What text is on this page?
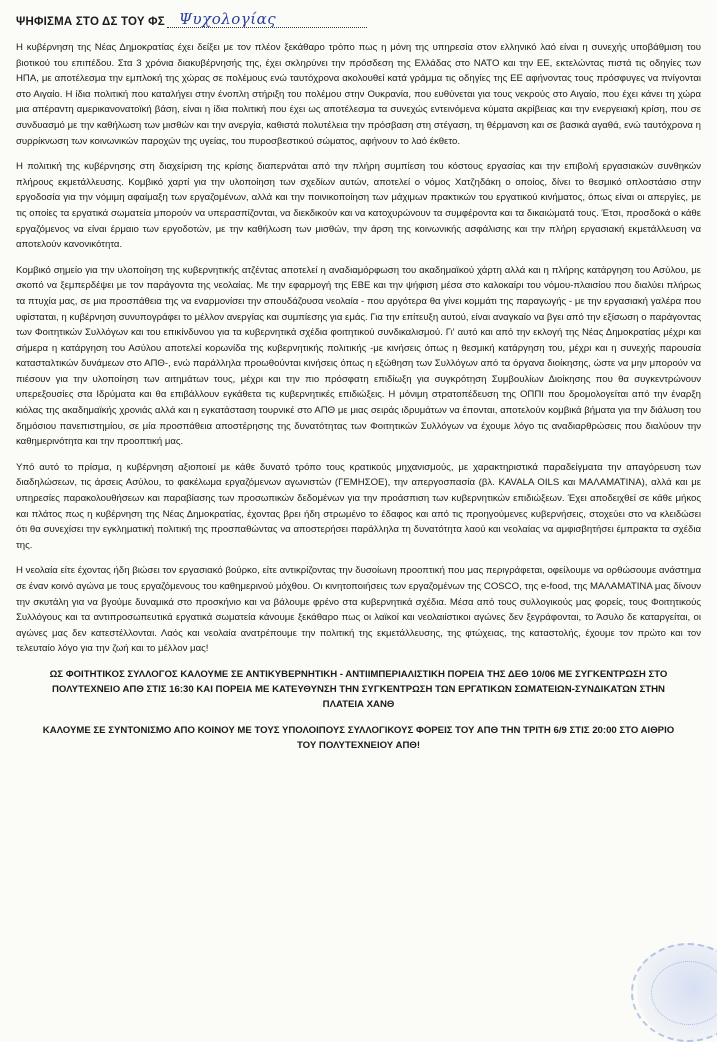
ΨΗΦΙΣΜΑ ΣΤΟ ΔΣ ΤΟΥ ΦΣ Ψυχολογίας

Η κυβέρνηση της Νέας Δημοκρατίας έχει δείξει με τον πλέον ξεκάθαρο τρόπο πως η μόνη της υπηρεσία στον ελληνικό λαό είναι η συνεχής υποβάθμιση του βιοτικού του επιπέδου. Στα 3 χρόνια διακυβέρνησής της, έχει σκληρύνει την πρόσδεση της Ελλάδας στο ΝΑΤΟ και την ΕΕ, εκτελώντας πιστά τις οδηγίες των ΗΠΑ, με αποτέλεσμα την εμπλοκή της χώρας σε πολέμους ενώ ταυτόχρονα ακολουθεί κατά γράμμα τις οδηγίες της ΕΕ αφήνοντας τους πρόσφυγες να πνίγονται στο Αιγαίο. Η ίδια πολιτική που καταλήγει στην ένοπλη στήριξη του πολέμου στην Ουκρανία, που ευθύνεται για τους νεκρούς στο Αιγαίο, που έχει κάνει τη χώρα μια απέραντη αμερικανονατοϊκή βάση, είναι η ίδια πολιτική που έχει ως αποτέλεσμα τα συνεχώς εντεινόμενα κύματα ακρίβειας και την ενεργειακή κρίση, που σε συνδυασμό με την καθήλωση των μισθών και την ανεργία, καθιστά πολυτέλεια την πρόσβαση στη στέγαση, τη θέρμανση και σε βασικά αγαθά, ενώ ταυτόχρονα η συρρίκνωση των κοινωνικών παροχών της υγείας, του πυροσβεστικού σώματος, αφήνουν το λαό έκθετο.

Η πολιτική της κυβέρνησης στη διαχείριση της κρίσης διαπερνάται από την πλήρη συμπίεση του κόστους εργασίας και την επιβολή εργασιακών συνθηκών πλήρους εκμετάλλευσης. Κομβικό χαρτί για την υλοποίηση των σχεδίων αυτών, αποτελεί ο νόμος Χατζηδάκη ο οποίος, δίνει το θεσμικό οπλοστάσιο στην εργοδοσία για την νόμιμη αφαίμαξη των εργαζομένων, αλλά και την ποινικοποίηση των μάχιμων πρακτικών του εργατικού κινήματος, όπως είναι οι απεργίες, με τις οποίες τα εργατικά σωματεία μπορούν να υπερασπίζονται, να διεκδικούν και να κατοχυρώνουν τα συμφέροντα και τα δικαιώματά τους. Έτσι, προσδοκά ο κάθε εργαζόμενος να είναι έρμαιο των εργοδοτών, με την καθήλωση των μισθών, την άρση της κοινωνικής ασφάλισης και την πλήρη εργασιακή εκμετάλλευση να αποτελούν κανονικότητα.

Κομβικό σημείο για την υλοποίηση της κυβερνητικής ατζέντας αποτελεί η αναδιαμόρφωση του ακαδημαϊκού χάρτη αλλά και η πλήρης κατάργηση του Ασύλου, με σκοπό να ξεμπερδέψει με τον παράγοντα της νεολαίας. Με την εφαρμογή της ΕΒΕ και την ψήφιση μέσα στο καλοκαίρι του νόμου-πλαισίου που διαλύει πλήρως τα πτυχία μας, σε μια προσπάθεια της να εναρμονίσει την σπουδάζουσα νεολαία - που αργότερα θα γίνει κομμάτι της παραγωγής - με την εργασιακή γαλέρα που υφίσταται, η κυβέρνηση συνυπογράφει το μέλλον ανεργίας και συμπίεσης για εμάς. Για την επίτευξη αυτού, είναι αναγκαίο να βγει από την εξίσωση ο παράγοντας των Φοιτητικών Συλλόγων και του επικίνδυνου για τα κυβερνητικά σχέδια φοιτητικού συνδικαλισμού. Γι' αυτό και από την εκλογή της Νέας Δημοκρατίας μέχρι και σήμερα η κατάργηση του Ασύλου αποτελεί κορωνίδα της κυβερνητικής πολιτικής -με κινήσεις όπως η θεσμική κατάργηση του, μέχρι και η συνεχής παρουσία κατασταλτικών δυνάμεων στο ΑΠΘ-, ενώ παράλληλα προωθούνται κινήσεις όπως η εξώθηση των Συλλόγων από τα όργανα διοίκησης, ώστε να μην μπορούν να πιέσουν για την υλοποίηση των αιτημάτων τους, μέχρι και την πιο πρόσφατη επιδίωξη για συγκρότηση Συμβουλίων Διοίκησης που θα συγκεντρώνουν υπερεξουσίες στα Ιδρύματα και θα επιβάλλουν εγκάθετα τις κυβερνητικές επιδιώξεις. Η μόνιμη στρατοπέδευση της ΟΠΠΙ που δρομολογείται από την έναρξη κιόλας της ακαδημαϊκής χρονιάς αλλά και η εγκατάσταση τουρνικέ στο ΑΠΘ με μιας σειράς ιδρυμάτων να έπονται, αποτελούν κομβικά βήματα για την διάλυση του δημόσιου πανεπιστημίου, σε μία προσπάθεια αποστέρησης της δυνατότητας των Φοιτητικών Συλλόγων να έχουμε λόγο τις αναδιαρθρώσεις που διαλύουν την καθημερινότητα και την προοπτική μας.

Υπό αυτό το πρίσμα, η κυβέρνηση αξιοποιεί με κάθε δυνατό τρόπο τους κρατικούς μηχανισμούς, με χαρακτηριστικά παραδείγματα την απαγόρευση των διαδηλώσεων, τις άρσεις Ασύλου, το φακέλωμα εργαζόμενων αγωνιστών (ΓΕΜΗΣΟΕ), την απεργοσπασία (βλ. KAVALA OILS και ΜΑΛΑΜΑΤΙΝΑ), αλλά και με υπηρεσίες παρακολουθήσεων και παραβίασης των προσωπικών δεδομένων για την προάσπιση των κυβερνητικών επιδιώξεων. Έχει αποδειχθεί σε κάθε μήκος και πλάτος πως η κυβέρνηση της Νέας Δημοκρατίας, έχοντας βρει ήδη στρωμένο το έδαφος και από τις προηγούμενες κυβερνήσεις, στοχεύει στο να κλειδώσει ότι θα συνεχίσει την εγκληματική πολιτική της προσπαθώντας να αποστερήσει παράλληλα τη δυνατότητα λαού και νεολαίας να αμφισβητήσει έμπρακτα τα σχέδια της.

Η νεολαία είτε έχοντας ήδη βιώσει τον εργασιακό βούρκο, είτε αντικρίζοντας την δυσοίωνη προοπτική που μας περιγράφεται, οφείλουμε να ορθώσουμε ανάστημα σε έναν κοινό αγώνα με τους εργαζόμενους του καθημερινού μόχθου. Οι κινητοποιήσεις των εργαζομένων της COSCO, της e-food, της ΜΑΛΑΜΑΤΙΝΑ μας δίνουν την σκυτάλη για να βγούμε δυναμικά στο προσκήνιο και να βάλουμε φρένο στα κυβερνητικά σχέδια. Μέσα από τους συλλογικούς μας φορείς, τους Φοιτητικούς Συλλόγους και τα αντιπροσωπευτικά εργατικά σωματεία κάνουμε ξεκάθαρο πως οι λαϊκοί και νεολαιίστικοι αγώνες δεν ξεγράφονται, το Άσυλο δε καταργείται, οι αγώνες μας δεν κατεστέλλονται. Λαός και νεολαία ανατρέπουμε την πολιτική της εκμετάλλευσης, της φτώχειας, της καταστολής, έχουμε τον πρώτο και τον τελευταίο λόγο για την ζωή και το μέλλον μας!

ΩΣ ΦΟΙΤΗΤΙΚΟΣ ΣΥΛΛΟΓΟΣ ΚΑΛΟΥΜΕ ΣΕ ΑΝΤΙΚΥΒΕΡΝΗΤΙΚΗ - ΑΝΤΙΙΜΠΕΡΙΑΛΙΣΤΙΚΗ ΠΟΡΕΙΑ ΤΗΣ ΔΕΘ 10/06 ΜΕ ΣΥΓΚΕΝΤΡΩΣΗ ΣΤΟ ΠΟΛΥΤΕΧΝΕΙΟ ΑΠΘ ΣΤΙΣ 16:30 ΚΑΙ ΠΟΡΕΙΑ ΜΕ ΚΑΤΕΥΘΥΝΣΗ ΤΗΝ ΣΥΓΚΕΝΤΡΩΣΗ ΤΩΝ ΕΡΓΑΤΙΚΩΝ ΣΩΜΑΤΕΙΩΝ-ΣΥΝΔΙΚΑΤΩΝ ΣΤΗΝ ΠΛΑΤΕΙΑ ΧΑΝΘ
ΚΑΛΟΥΜΕ ΣΕ ΣΥΝΤΟΝΙΣΜΟ ΑΠΟ ΚΟΙΝΟΥ ΜΕ ΤΟΥΣ ΥΠΟΛΟΙΠΟΥΣ ΣΥΛΛΟΓΙΚΟΥΣ ΦΟΡΕΙΣ ΤΟΥ ΑΠΘ ΤΗΝ ΤΡΙΤΗ 6/9 ΣΤΙΣ 20:00 ΣΤΟ ΑΙΘΡΙΟ ΤΟΥ ΠΟΛΥΤΕΧΝΕΙΟΥ ΑΠΘ!
